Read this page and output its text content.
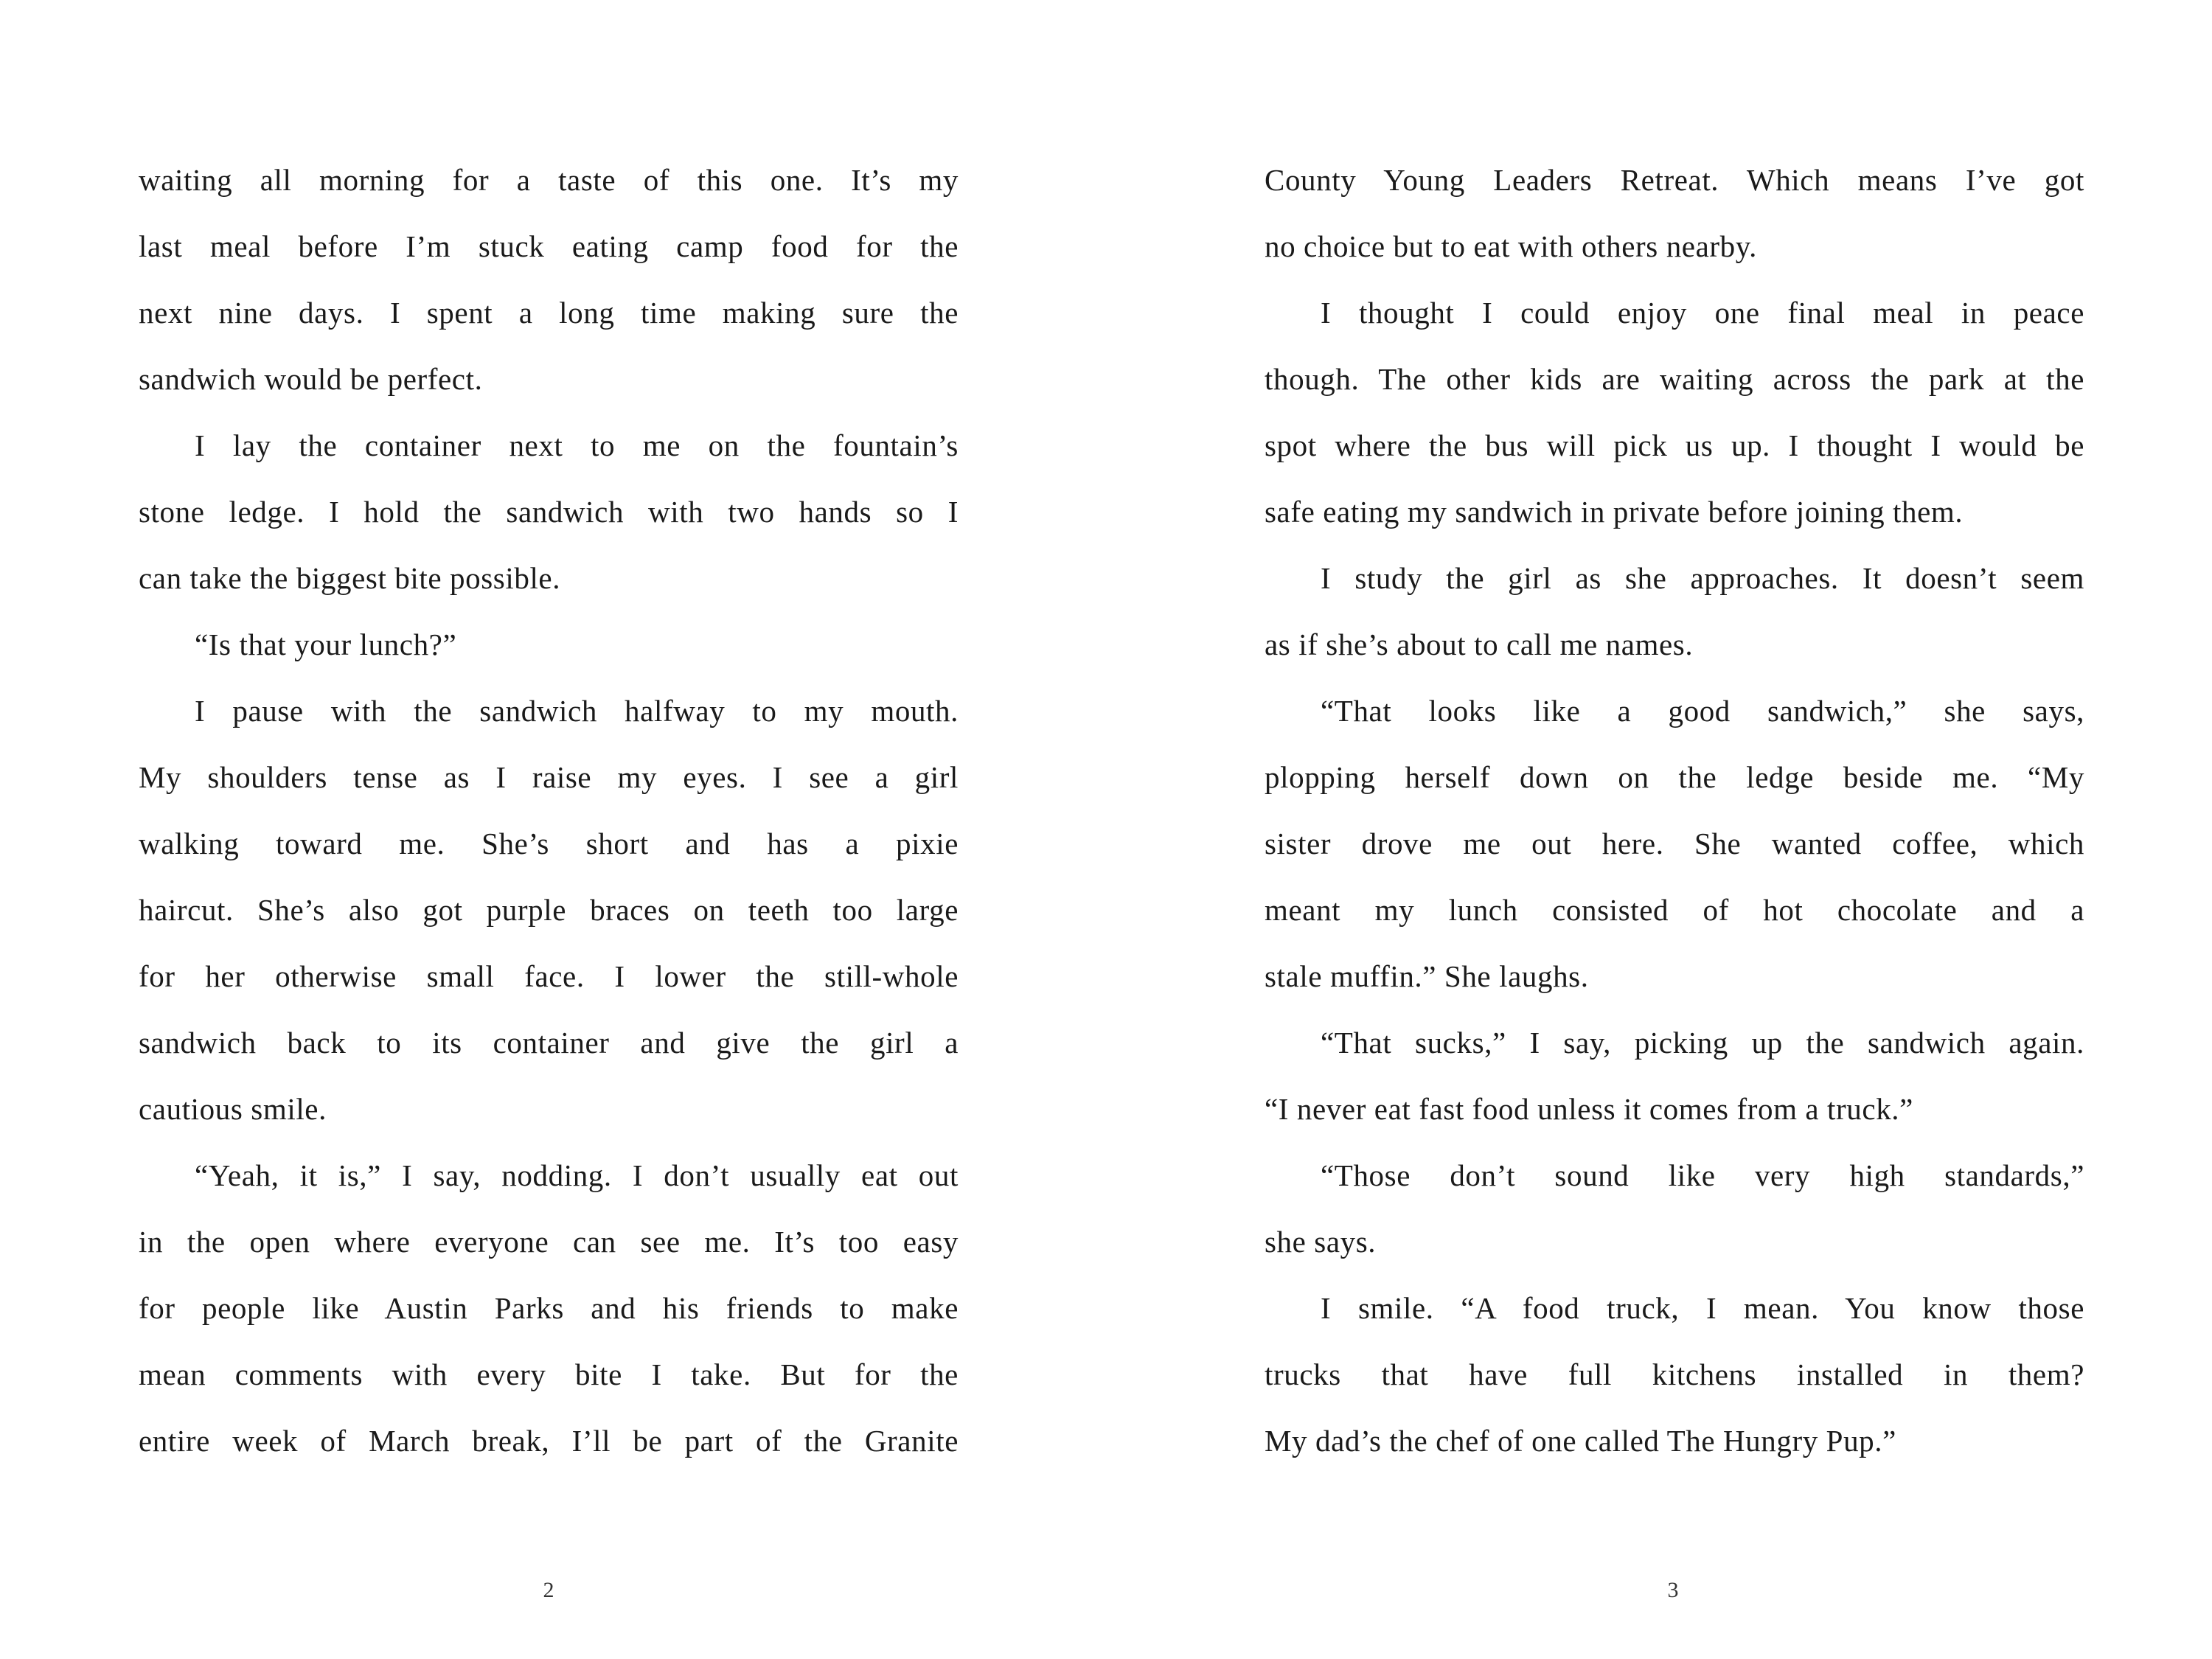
waiting all morning for a taste of this one. It’s my
last meal before I’m stuck eating camp food for the
next nine days. I spent a long time making sure the
sandwich would be perfect.
I lay the container next to me on the fountain’s
stone ledge. I hold the sandwich with two hands so I
can take the biggest bite possible.
“Is that your lunch?”
I pause with the sandwich halfway to my mouth.
My shoulders tense as I raise my eyes. I see a girl
walking toward me. She’s short and has a pixie
haircut. She’s also got purple braces on teeth too large
for her otherwise small face. I lower the still-whole
sandwich back to its container and give the girl a
cautious smile.
“Yeah, it is,” I say, nodding. I don’t usually eat out
in the open where everyone can see me. It’s too easy
for people like Austin Parks and his friends to make
mean comments with every bite I take. But for the
entire week of March break, I’ll be part of the Granite
2
County Young Leaders Retreat. Which means I’ve got
no choice but to eat with others nearby.
I thought I could enjoy one final meal in peace
though. The other kids are waiting across the park at the
spot where the bus will pick us up. I thought I would be
safe eating my sandwich in private before joining them.
I study the girl as she approaches. It doesn’t seem
as if she’s about to call me names.
“That looks like a good sandwich,” she says,
plopping herself down on the ledge beside me. “My
sister drove me out here. She wanted coffee, which
meant my lunch consisted of hot chocolate and a
stale muffin.” She laughs.
“That sucks,” I say, picking up the sandwich again.
“I never eat fast food unless it comes from a truck.”
“Those don’t sound like very high standards,”
she says.
I smile. “A food truck, I mean. You know those
trucks that have full kitchens installed in them?
My dad’s the chef of one called The Hungry Pup.”
3
